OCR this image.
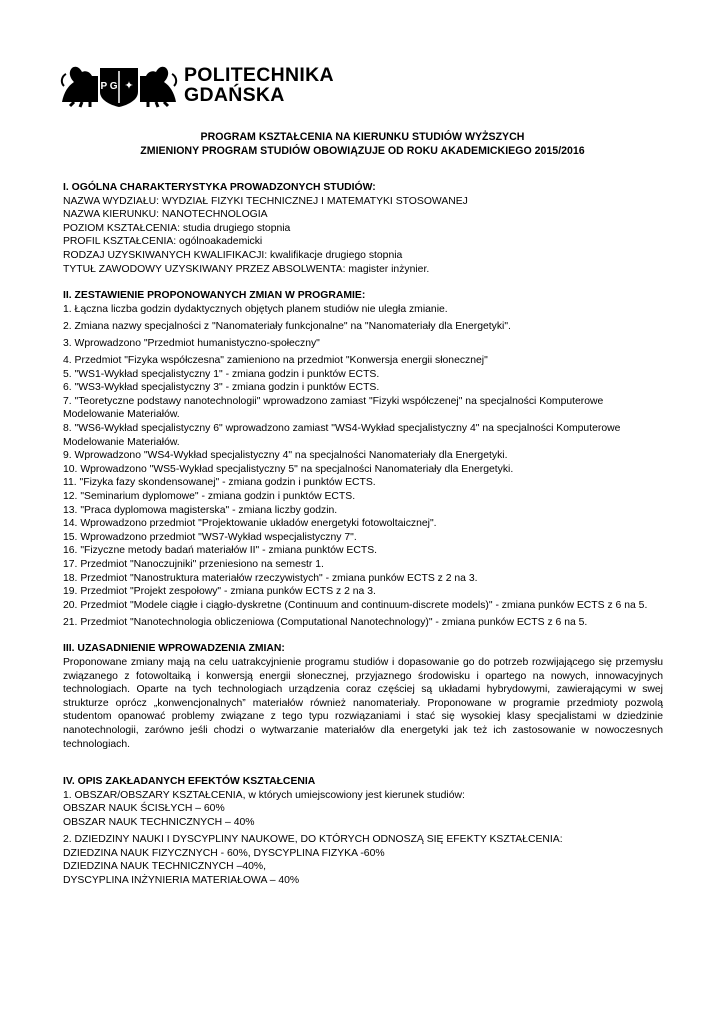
P G ✦	POLITECHNIKA
GDAŃSKA
PROGRAM KSZTAŁCENIA NA KIERUNKU STUDIÓW WYŻSZYCH
ZMIENIONY PROGRAM STUDIÓW OBOWIĄZUJE OD ROKU AKADEMICKIEGO 2015/2016
I. OGÓLNA CHARAKTERYSTYKA PROWADZONYCH STUDIÓW:
NAZWA WYDZIAŁU: WYDZIAŁ FIZYKI TECHNICZNEJ I MATEMATYKI STOSOWANEJ
NAZWA KIERUNKU: NANOTECHNOLOGIA
POZIOM KSZTAŁCENIA: studia drugiego stopnia
PROFIL KSZTAŁCENIA: ogólnoakademicki
RODZAJ UZYSKIWANYCH KWALIFIKACJI: kwalifikacje drugiego stopnia
TYTUŁ ZAWODOWY UZYSKIWANY PRZEZ ABSOLWENTA: magister inżynier.
II. ZESTAWIENIE PROPONOWANYCH ZMIAN W PROGRAMIE:
1. Łączna liczba godzin dydaktycznych objętych planem studiów nie uległa zmianie.
2. Zmiana nazwy specjalności z "Nanomateriały funkcjonalne" na "Nanomateriały dla Energetyki".
3. Wprowadzono "Przedmiot humanistyczno-społeczny"
4. Przedmiot "Fizyka współczesna" zamieniono na przedmiot "Konwersja energii słonecznej"
5. "WS1-Wykład specjalistyczny 1" - zmiana godzin i punktów ECTS.
6. "WS3-Wykład specjalistyczny 3" - zmiana godzin i punktów ECTS.
7. "Teoretyczne podstawy nanotechnologii" wprowadzono zamiast "Fizyki współczenej" na specjalności Komputerowe Modelowanie Materiałów.
8. "WS6-Wykład specjalistyczny 6" wprowadzono zamiast "WS4-Wykład specjalistyczny 4" na specjalności Komputerowe Modelowanie Materiałów.
9. Wprowadzono "WS4-Wykład specjalistyczny 4" na specjalności Nanomateriały dla Energetyki.
10. Wprowadzono "WS5-Wykład specjalistyczny 5" na specjalności Nanomateriały dla Energetyki.
11. "Fizyka fazy skondensowanej" - zmiana godzin i punktów ECTS.
12. "Seminarium dyplomowe" - zmiana godzin i punktów ECTS.
13. "Praca dyplomowa magisterska" - zmiana liczby godzin.
14. Wprowadzono przedmiot "Projektowanie układów energetyki fotowoltaicznej".
15. Wprowadzono przedmiot "WS7-Wykład wspecjalistyczny 7".
16. "Fizyczne metody badań materiałów II" - zmiana punktów ECTS.
17. Przedmiot "Nanoczujniki" przeniesiono na semestr 1.
18. Przedmiot "Nanostruktura materiałów rzeczywistych" - zmiana punków ECTS z 2 na 3.
19. Przedmiot "Projekt zespołowy" - zmiana punków ECTS z 2 na 3.
20. Przedmiot "Modele ciągłe i ciągło-dyskretne (Continuum and continuum-discrete models)" - zmiana punków ECTS z 6 na 5.
21. Przedmiot "Nanotechnologia obliczeniowa (Computational Nanotechnology)" - zmiana punków ECTS z 6 na 5.
III. UZASADNIENIE WPROWADZENIA ZMIAN:
Proponowane zmiany mają na celu uatrakcyjnienie programu studiów i dopasowanie go do potrzeb rozwijającego się przemysłu związanego z fotowoltaiką i konwersją energii słonecznej, przyjaznego środowisku i opartego na nowych, innowacyjnych technologiach. Oparte na tych technologiach urządzenia coraz częściej są układami hybrydowymi, zawierającymi w swej strukturze oprócz „konwencjonalnych” materiałów również nanomateriały. Proponowane w programie przedmioty pozwolą studentom opanować problemy związane z tego typu rozwiązaniami i stać się wysokiej klasy specjalistami w dziedzinie nanotechnologii, zarówno jeśli chodzi o wytwarzanie materiałów dla energetyki jak też ich zastosowanie w nowoczesnych technologiach.
IV. OPIS ZAKŁADANYCH EFEKTÓW KSZTAŁCENIA
1. OBSZAR/OBSZARY KSZTAŁCENIA, w których umiejscowiony jest kierunek studiów:
OBSZAR NAUK ŚCISŁYCH – 60%
OBSZAR NAUK TECHNICZNYCH – 40%
2. DZIEDZINY NAUKI I DYSCYPLINY NAUKOWE, DO KTÓRYCH ODNOSZĄ SIĘ EFEKTY KSZTAŁCENIA:
DZIEDZINA NAUK FIZYCZNYCH - 60%, DYSCYPLINA FIZYKA -60%
DZIEDZINA NAUK TECHNICZNYCH –40%,
DYSCYPLINA INŻYNIERIA MATERIAŁOWA – 40%
